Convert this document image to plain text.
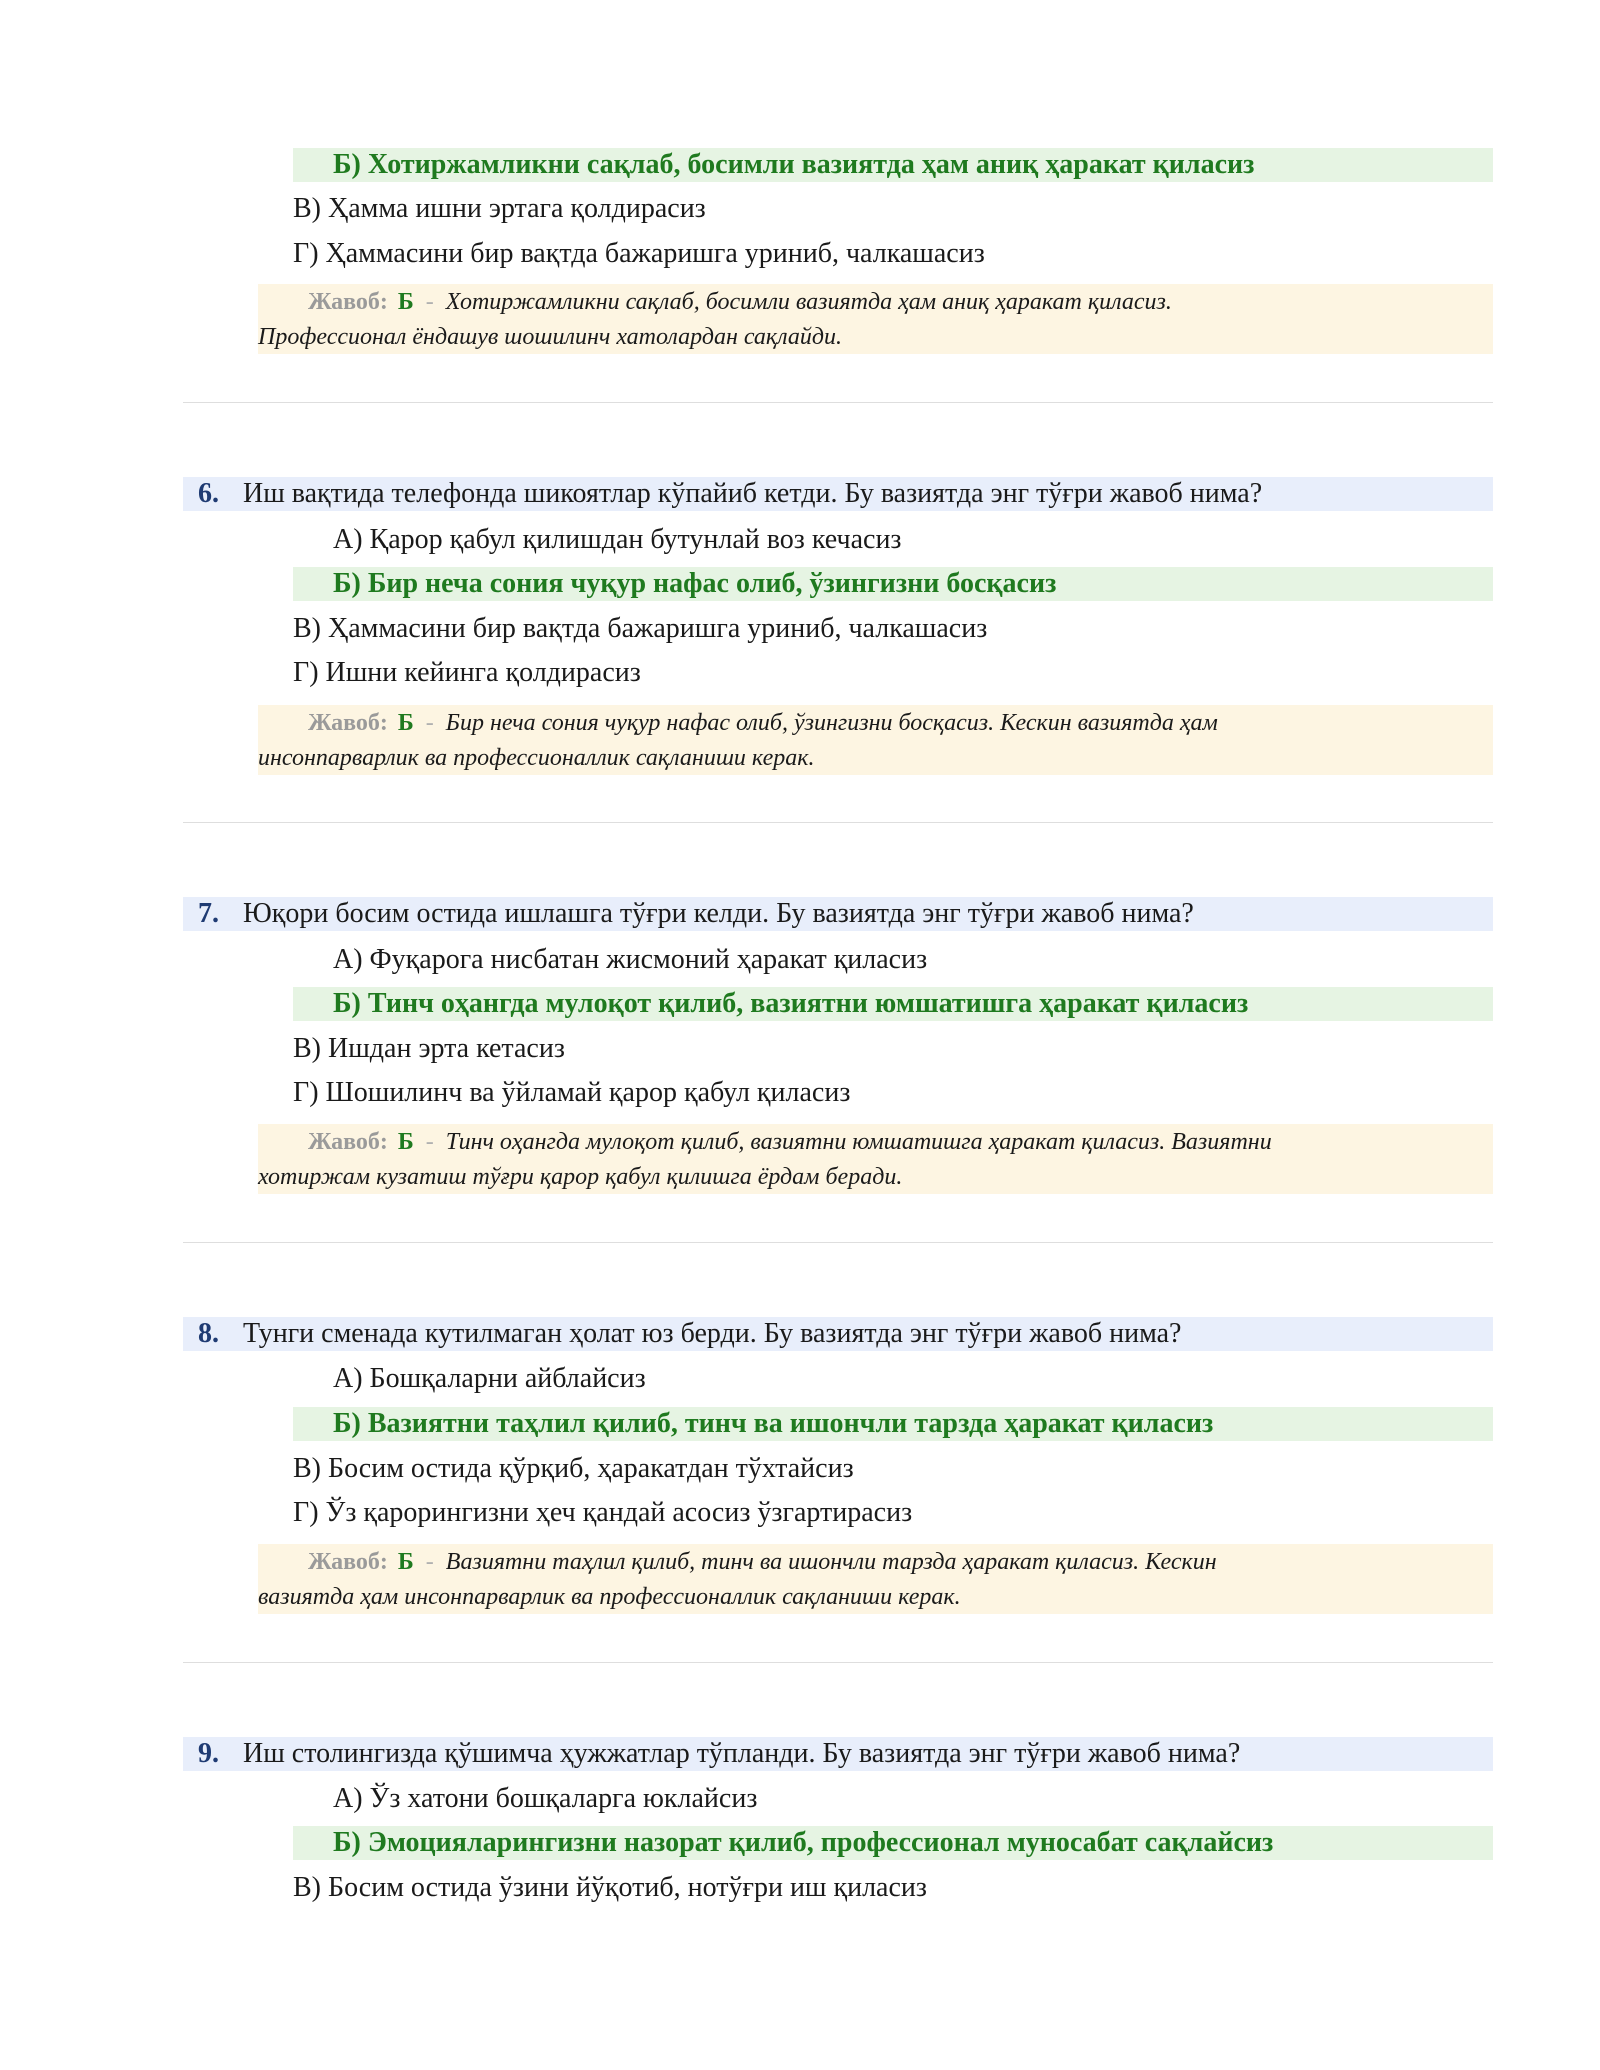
Б) Хотиржамликни сақлаб, босимли вазиятда ҳам аниқ ҳаракат қиласиз
В) Ҳамма ишни эртага қолдирасиз
Г) Ҳаммасини бир вақтда бажаришга уриниб, чалкашасиз
Жавоб: Б - Хотиржамликни сақлаб, босимли вазиятда ҳам аниқ ҳаракат қиласиз.
Профессионал ёндашув шошилинч хатолардан сақлайди.
6. Иш вақтида телефонда шикоятлар кўпайиб кетди. Бу вазиятда энг тўғри жавоб нима?
А) Қарор қабул қилишдан бутунлай воз кечасиз
Б) Бир неча сония чуқур нафас олиб, ўзингизни босқасиз
В) Ҳаммасини бир вақтда бажаришга уриниб, чалкашасиз
Г) Ишни кейинга қолдирасиз
Жавоб: Б - Бир неча сония чуқур нафас олиб, ўзингизни босқасиз. Кескин вазиятда ҳам
инсонпарварлик ва профессионаллик сақланиши керак.
7. Юқори босим остида ишлашга тўғри келди. Бу вазиятда энг тўғри жавоб нима?
А) Фуқарога нисбатан жисмоний ҳаракат қиласиз
Б) Тинч оҳангда мулоқот қилиб, вазиятни юмшатишга ҳаракат қиласиз
В) Ишдан эрта кетасиз
Г) Шошилинч ва ўйламай қарор қабул қиласиз
Жавоб: Б - Тинч оҳангда мулоқот қилиб, вазиятни юмшатишга ҳаракат қиласиз. Вазиятни
хотиржам кузатиш тўғри қарор қабул қилишга ёрдам беради.
8. Тунги сменада кутилмаган ҳолат юз берди. Бу вазиятда энг тўғри жавоб нима?
А) Бошқаларни айблайсиз
Б) Вазиятни таҳлил қилиб, тинч ва ишончли тарзда ҳаракат қиласиз
В) Босим остида қўрқиб, ҳаракатдан тўхтайсиз
Г) Ўз қарорингизни ҳеч қандай асосиз ўзгартирасиз
Жавоб: Б - Вазиятни таҳлил қилиб, тинч ва ишончли тарзда ҳаракат қиласиз. Кескин
вазиятда ҳам инсонпарварлик ва профессионаллик сақланиши керак.
9. Иш столингизда қўшимча ҳужжатлар тўпланди. Бу вазиятда энг тўғри жавоб нима?
А) Ўз хатони бошқаларга юклайсиз
Б) Эмоцияларингизни назорат қилиб, профессионал муносабат сақлайсиз
В) Босим остида ўзини йўқотиб, нотўғри иш қиласиз
